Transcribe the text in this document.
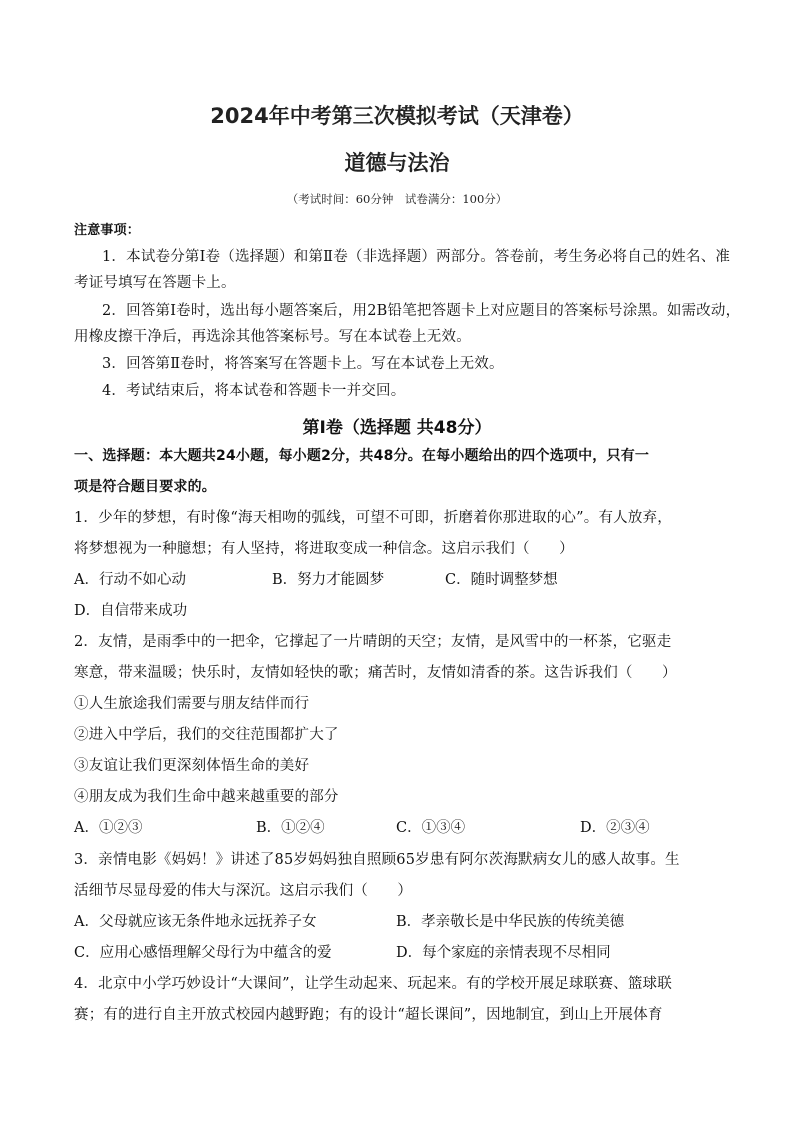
2024年中考第三次模拟考试（天津卷）
道德与法治
（考试时间：60分钟　试卷满分：100分）
注意事项：
1．本试卷分第Ⅰ卷（选择题）和第Ⅱ卷（非选择题）两部分。答卷前，考生务必将自己的姓名、准
考证号填写在答题卡上。
2．回答第Ⅰ卷时，选出每小题答案后，用2B铅笔把答题卡上对应题目的答案标号涂黑。如需改动，
用橡皮擦干净后，再选涂其他答案标号。写在本试卷上无效。
3．回答第Ⅱ卷时，将答案写在答题卡上。写在本试卷上无效。
4．考试结束后，将本试卷和答题卡一并交回。
第Ⅰ卷（选择题 共48分）
一、选择题：本大题共24小题，每小题2分，共48分。在每小题给出的四个选项中，只有一
项是符合题目要求的。
1．少年的梦想，有时像“海天相吻的弧线，可望不可即，折磨着你那进取的心”。有人放弃，
将梦想视为一种臆想；有人坚持，将进取变成一种信念。这启示我们（　　）
A．行动不如心动	B．努力才能圆梦	C．随时调整梦想
D．自信带来成功
2．友情，是雨季中的一把伞，它撑起了一片晴朗的天空；友情，是风雪中的一杯茶，它驱走
寒意，带来温暖；快乐时，友情如轻快的歌；痛苦时，友情如清香的茶。这告诉我们（　　）
①人生旅途我们需要与朋友结伴而行
②进入中学后，我们的交往范围都扩大了
③友谊让我们更深刻体悟生命的美好
④朋友成为我们生命中越来越重要的部分
A．①②③	B．①②④	C．①③④	D．②③④
3．亲情电影《妈妈！》讲述了85岁妈妈独自照顾65岁患有阿尔茨海默病女儿的感人故事。生
活细节尽显母爱的伟大与深沉。这启示我们（　　）
A．父母就应该无条件地永远抚养子女	B．孝亲敬长是中华民族的传统美德
C．应用心感悟理解父母行为中蕴含的爱	D．每个家庭的亲情表现不尽相同
4．北京中小学巧妙设计“大课间”，让学生动起来、玩起来。有的学校开展足球联赛、篮球联
赛；有的进行自主开放式校园内越野跑；有的设计“超长课间”，因地制宜，到山上开展体育
